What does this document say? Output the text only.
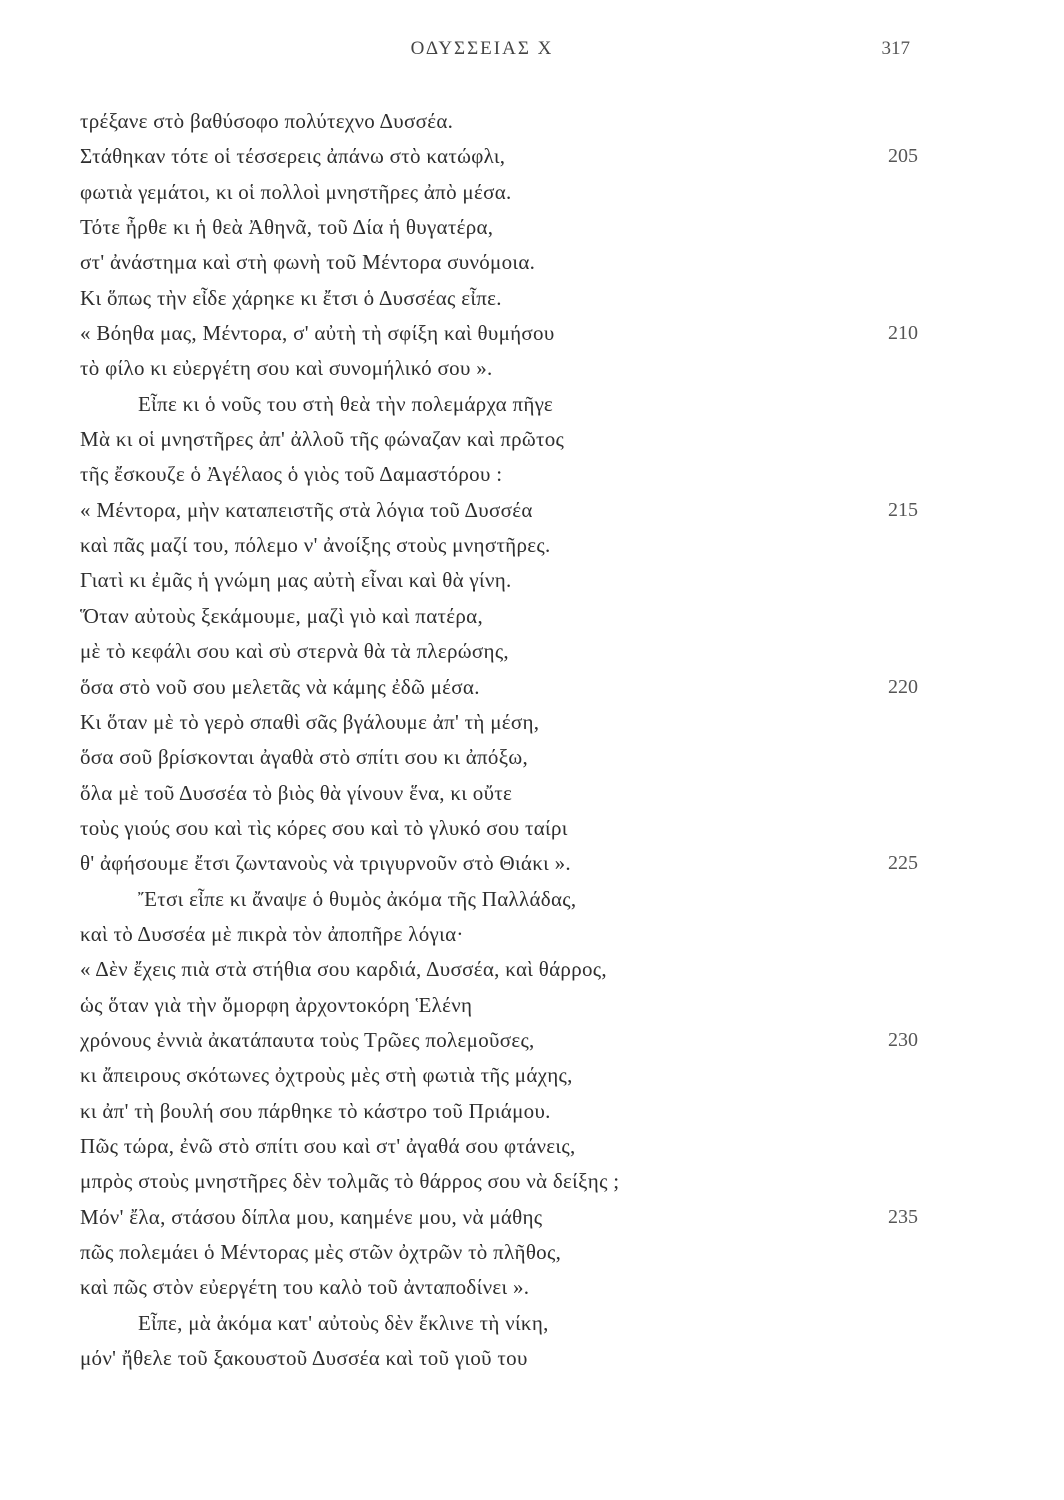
ΟΔΥΣΣΕΙΑΣ Χ	317
τρέξανε στὸ βαθύσοφο πολύτεχνο Δυσσέα.
Στάθηκαν τότε οἱ τέσσερεις ἀπάνω στὸ κατώφλι,	205
φωτιὰ γεμάτοι, κι οἱ πολλοὶ μνηστῆρες ἀπὸ μέσα.
Τότε ἦρθε κι ἡ θεὰ Ἀθηνᾶ, τοῦ Δία ἡ θυγατέρα,
στ' ἀνάστημα καὶ στὴ φωνὴ τοῦ Μέντορα συνόμοια.
Κι ὅπως τὴν εἶδε χάρηκε κι ἔτσι ὁ Δυσσέας εἶπε.
« Βόηθα μας, Μέντορα, σ' αὐτὴ τὴ σφίξη καὶ θυμήσου	210
τὸ φίλο κι εὐεργέτη σου καὶ συνομήλικό σου ».
Εἶπε κι ὁ νοῦς του στὴ θεὰ τὴν πολεμάρχα πῆγε
Μὰ κι οἱ μνηστῆρες ἀπ' ἀλλοῦ τῆς φώναζαν καὶ πρῶτος
τῆς ἔσκουζε ὁ Ἀγέλαος ὁ γιὸς τοῦ Δαμαστόρου :
« Μέντορα, μὴν καταπειστῆς στὰ λόγια τοῦ Δυσσέα	215
καὶ πᾶς μαζί του, πόλεμο ν' ἀνοίξης στοὺς μνηστῆρες.
Γιατὶ κι ἐμᾶς ἡ γνώμη μας αὐτὴ εἶναι καὶ θὰ γίνη.
Ὅταν αὐτοὺς ξεκάμουμε, μαζὶ γιὸ καὶ πατέρα,
μὲ τὸ κεφάλι σου καὶ σὺ στερνὰ θὰ τὰ πλερώσης,
ὅσα στὸ νοῦ σου μελετᾶς νὰ κάμης ἐδῶ μέσα.	220
Κι ὅταν μὲ τὸ γερὸ σπαθὶ σᾶς βγάλουμε ἀπ' τὴ μέση,
ὅσα σοῦ βρίσκονται ἀγαθὰ στὸ σπίτι σου κι ἀπόξω,
ὅλα μὲ τοῦ Δυσσέα τὸ βιὸς θὰ γίνουν ἕνα, κι οὔτε
τοὺς γιούς σου καὶ τὶς κόρες σου καὶ τὸ γλυκό σου ταίρι
θ' ἀφήσουμε ἔτσι ζωντανοὺς νὰ τριγυρνοῦν στὸ Θιάκι ».	225
Ἔτσι εἶπε κι ἄναψε ὁ θυμὸς ἀκόμα τῆς Παλλάδας,
καὶ τὸ Δυσσέα μὲ πικρὰ τὸν ἀποπῆρε λόγια·
« Δὲν ἔχεις πιὰ στὰ στήθια σου καρδιά, Δυσσέα, καὶ θάρρος,
ὡς ὅταν γιὰ τὴν ὄμορφη ἀρχοντοκόρη Ἑλένη
χρόνους ἐννιὰ ἀκατάπαυτα τοὺς Τρῶες πολεμοῦσες,	230
κι ἄπειρους σκότωνες ὀχτροὺς μὲς στὴ φωτιὰ τῆς μάχης,
κι ἀπ' τὴ βουλή σου πάρθηκε τὸ κάστρο τοῦ Πριάμου.
Πῶς τώρα, ἐνῶ στὸ σπίτι σου καὶ στ' ἀγαθά σου φτάνεις,
μπρὸς στοὺς μνηστῆρες δὲν τολμᾶς τὸ θάρρος σου νὰ δείξης ;
Μόν' ἔλα, στάσου δίπλα μου, καημένε μου, νὰ μάθης	235
πῶς πολεμάει ὁ Μέντορας μὲς στῶν ὀχτρῶν τὸ πλῆθος,
καὶ πῶς στὸν εὐεργέτη του καλὸ τοῦ ἀνταποδίνει ».
Εἶπε, μὰ ἀκόμα κατ' αὐτοὺς δὲν ἔκλινε τὴ νίκη,
μόν' ἤθελε τοῦ ξακουστοῦ Δυσσέα καὶ τοῦ γιοῦ του
